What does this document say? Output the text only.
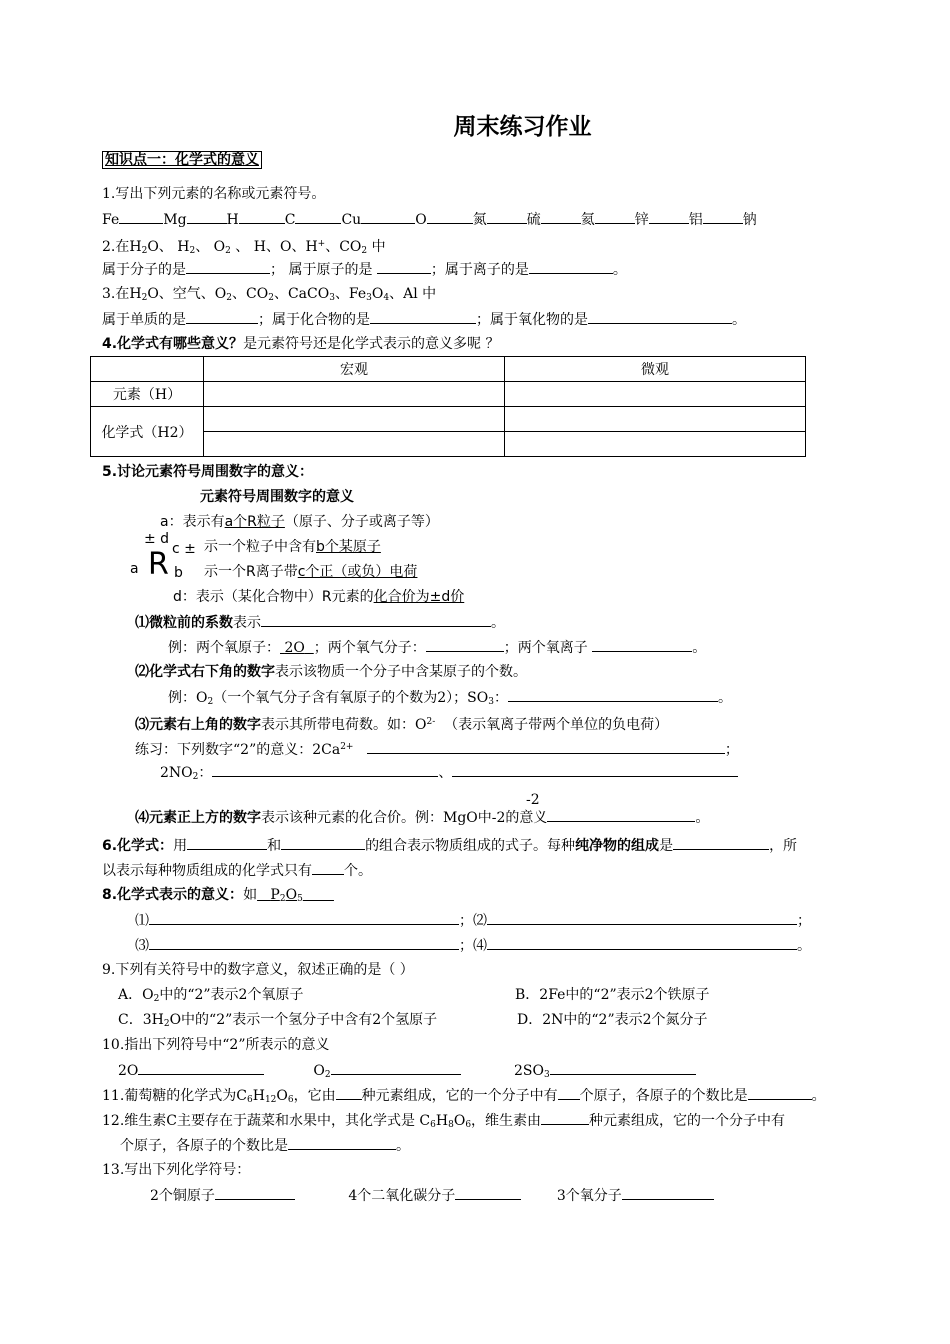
周末练习作业
知识点一：化学式的意义
1.写出下列元素的名称或元素符号。
Fe	Mg	H	C	Cu	O	氮	硫	氦	锌	铝	钠
2.在$H_2O$、 $H_2$、 $O_2$ 、 H、O、H+、$CO_2$ 中
属于分子的是	； 属于原子的是	；属于离子的是	。
3.在$H_2O$、空气、$O_2$、$CO_2$、CaCO$_3$、$Fe_3O_4$、Al 中
属于单质的是	；属于化合物的是	；属于氧化物的是	。
4.化学式有哪些意义？是元素符号还是化学式表示的意义多呢 ？
	宏观	微观
元素（H）		
化学式（H2）		

5.讨论元素符号周围数字的意义：
元素符号周围数字的意义
a：表示有a个R粒子（原子、分子或离子等）
示一个粒子中含有b个某原子
示一个R离子带c个正（或负）电荷
± d
a R c ±
b
d：表示（某化合物中）R元素的化合价为±d价
⑴微粒前的系数表示	。
例：两个氧原子： 2O ；两个氧气分子：	；两个氧离子	。
⑵化学式右下角的数字表示该物质一个分子中含某原子的个数。
例：$O_2$（一个氧气分子含有氧原子的个数为2）；$SO_3$：	。
⑶元素右上角的数字表示其所带电荷数。如：$O^{2-}$ （表示氧离子带两个单位的负电荷）
练习：下列数字“2”的意义：$2Ca^{2+}$	；
$2NO_2$：	、
-2
⑷元素正上方的数字表示该种元素的化合价。例：MgO中-2的意义	。
6.化学式：用	和	的组合表示物质组成的式子。每种纯净物的组成是	，所
以表示每种物质组成的化学式只有 个。
8.化学式表示的意义：如 $P_2O_5$
⑴	；⑵	；
⑶	；⑷	。
9.下列有关符号中的数字意义，叙述正确的是（ ）
A．$O_2$中的“2”表示2个氧原子	B．2Fe中的“2”表示2个铁原子
C．$3H_2O$中的“2”表示一个氢分子中含有2个氢原子	D．2N中的“2”表示2个氮分子
10.指出下列符号中“2”所表示的意义
2O	$O_2$	$2SO_3$
11.葡萄糖的化学式为$C_6H_{12}O_6$，它由 种元素组成，它的一个分子中有 个原子，各原子的个数比是	。
12.维生素C主要存在于蔬菜和水果中，其化学式是 $C_6H_8O_6$，维生素由	种元素组成，它的一个分子中有
个原子，各原子的个数比是	。
13.写出下列化学符号：
2个铜原子	4个二氧化碳分子	3个氧分子
